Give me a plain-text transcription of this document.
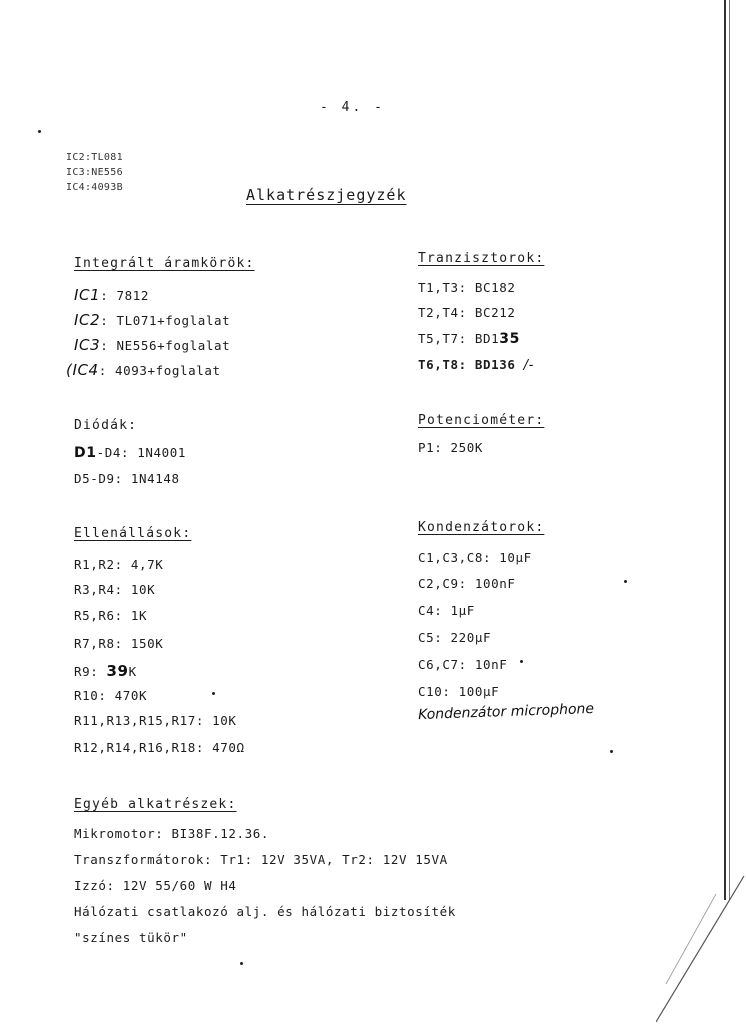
- 4. -
IC2:TL081
IC3:NE556
IC4:4093B	Alkatrészjegyzék
Integrált áramkörök:
IC1: 7812
IC2: TL071+foglalat
IC3: NE556+foglalat
(IC4: 4093+foglalat
Tranzisztorok:
T1,T3: BC182
T2,T4: BC212
T5,T7: BD135
T6,T8: BD136 /-
Diódák:
D1-D4: 1N4001
D5-D9: 1N4148
Potenciométer:
P1: 250K
Ellenállások:
R1,R2: 4,7K
R3,R4: 10K
R5,R6: 1K
R7,R8: 150K
R9: 39K
R10: 470K
R11,R13,R15,R17: 10K
R12,R14,R16,R18: 470Ω
Kondenzátorok:
C1,C3,C8: 10µF
C2,C9: 100nF
C4: 1µF
C5: 220µF
C6,C7: 10nF
C10: 100µF
Kondenzátor microphone
Egyéb alkatrészek:
Mikromotor: BI38F.12.36.
Transzformátorok: Tr1: 12V 35VA, Tr2: 12V 15VA
Izzó: 12V 55/60 W H4
Hálózati csatlakozó alj. és hálózati biztosíték
"színes tükör"
